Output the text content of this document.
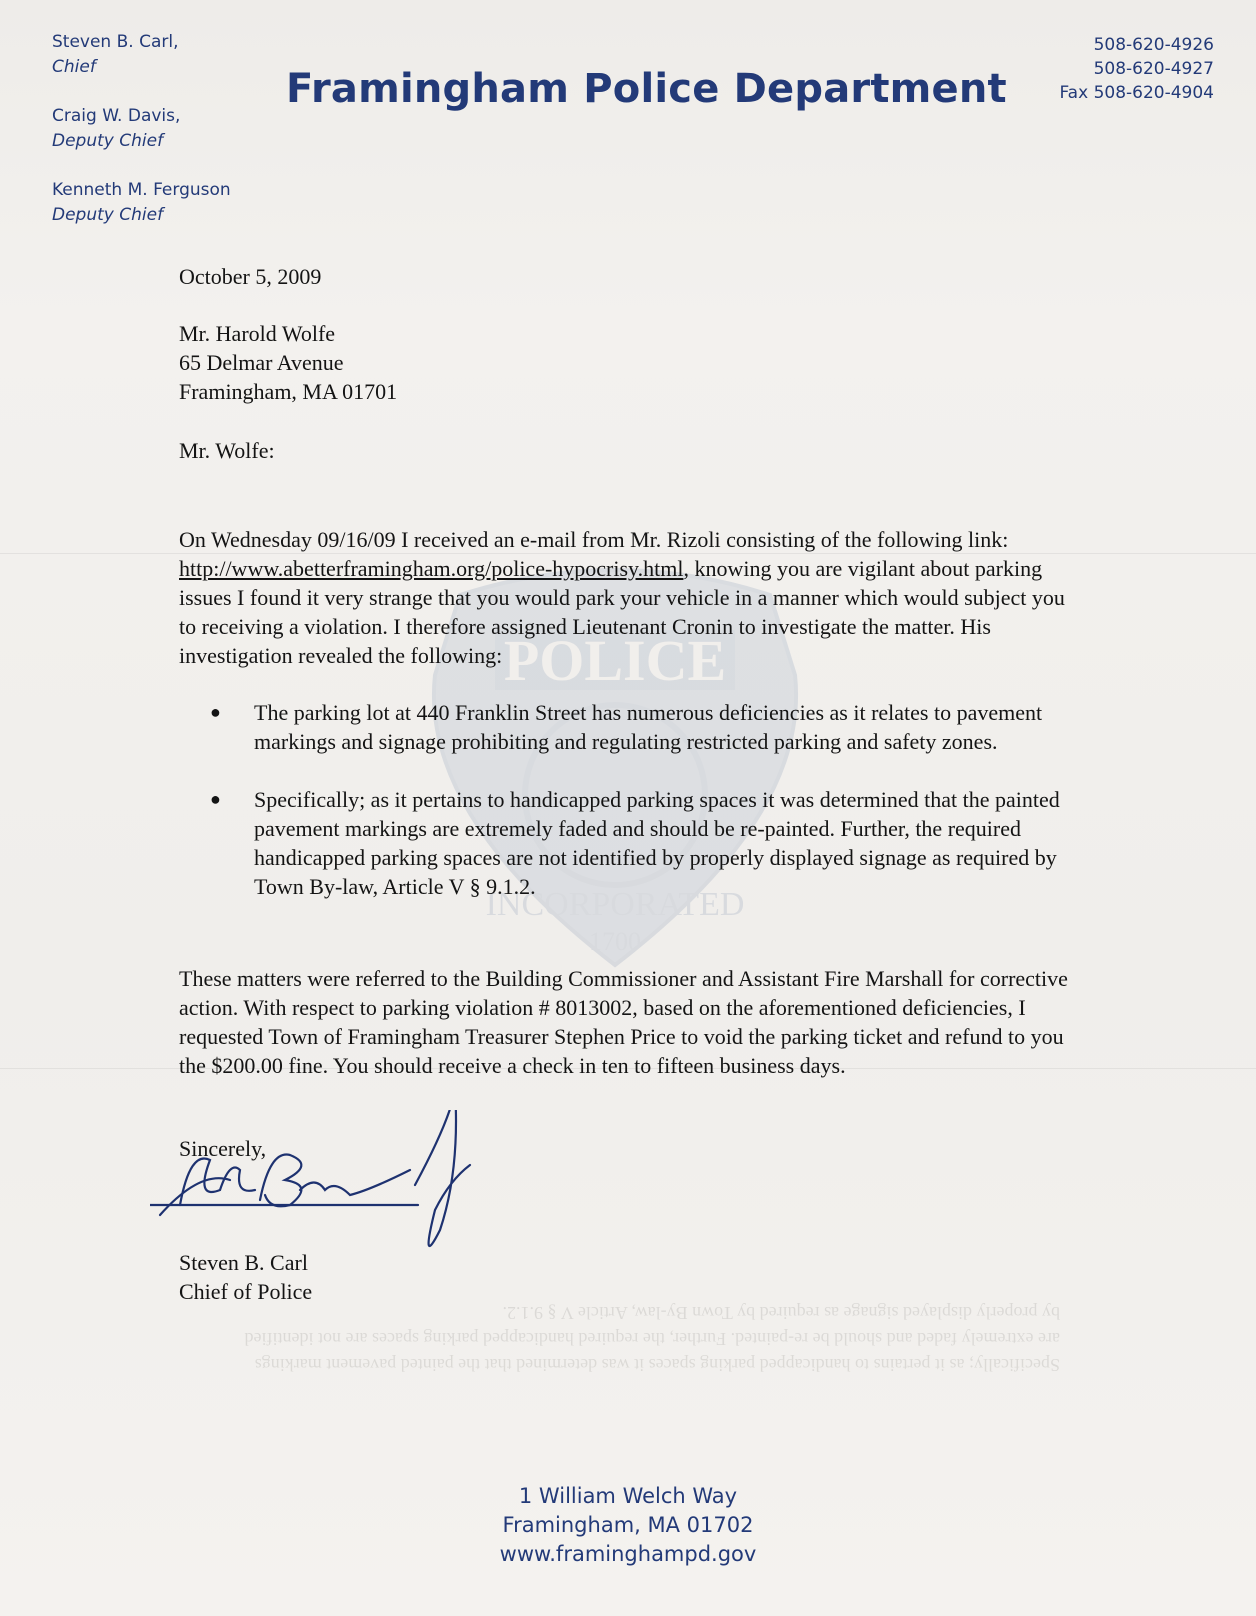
POLICE
INCORPORATED
1700
Steven B. Carl,
Chief
Craig W. Davis,
Deputy Chief
Kenneth M. Ferguson
Deputy Chief
Framingham Police Department
508-620-4926
508-620-4927
Fax 508-620-4904
October 5, 2009
Mr. Harold Wolfe
65 Delmar Avenue
Framingham, MA 01701
Mr. Wolfe:
On Wednesday 09/16/09 I received an e-mail from Mr. Rizoli consisting of the following link: http://www.abetterframingham.org/police-hypocrisy.html, knowing you are vigilant about parking issues I found it very strange that you would park your vehicle in a manner which would subject you to receiving a violation. I therefore assigned Lieutenant Cronin to investigate the matter. His investigation revealed the following:
●	The parking lot at 440 Franklin Street has numerous deficiencies as it relates to pavement markings and signage prohibiting and regulating restricted parking and safety zones.
●	Specifically; as it pertains to handicapped parking spaces it was determined that the painted pavement markings are extremely faded and should be re-painted. Further, the required handicapped parking spaces are not identified by properly displayed signage as required by Town By-law, Article V § 9.1.2.
These matters were referred to the Building Commissioner and Assistant Fire Marshall for corrective action. With respect to parking violation # 8013002, based on the aforementioned deficiencies, I requested Town of Framingham Treasurer Stephen Price to void the parking ticket and refund to you the $200.00 fine. You should receive a check in ten to fifteen business days.
Sincerely,
Steven B. Carl
Chief of Police
Specifically; as it pertains to handicapped parking spaces it was determined that the painted pavement markings are extremely faded and should be re-painted. Further, the required handicapped parking spaces are not identified by properly displayed signage as required by Town By-law, Article V § 9.1.2.
1 William Welch Way
Framingham, MA 01702
www.framinghampd.gov
